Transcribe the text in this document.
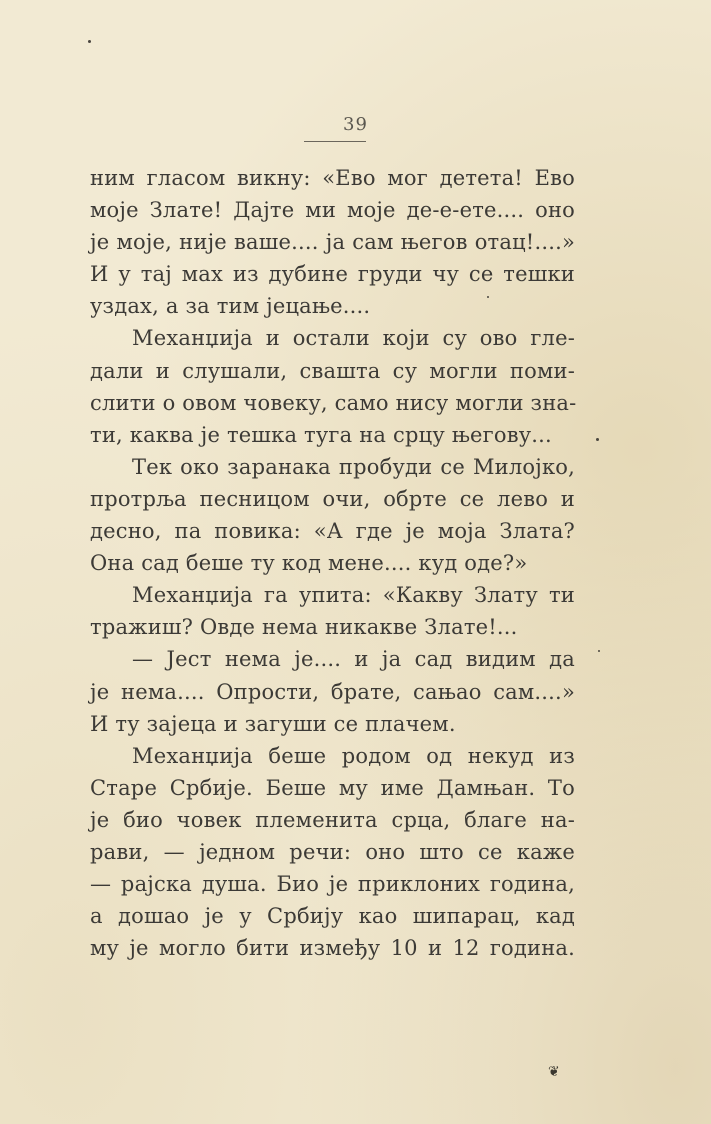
39
ним гласом викну: «Ево мог детета! Ево
моје Злате! Дајте ми моје де-е-ете.... оно
је моје, није ваше.... ја сам његов отац!....»
И у тај мах из дубине груди чу се тешки
уздах, а за тим јецање....
Механџија и остали који су ово гле-
дали и слушали, свашта су могли поми-
слити о овом човеку, само нису могли зна-
ти, каква је тешка туга на срцу његову...
Тек око заранака пробуди се Милојко,
протрља песницом очи, обрте се лево и
десно, па повика: «А где је моја Злата?
Она сад беше ту код мене.... куд оде?»
Механџија га упита: «Какву Злату ти
тражиш? Овде нема никакве Злате!...
— Јест нема је.... и ја сад видим да
је нема.... Опрости, брате, сањао сам....»
И ту зајеца и загуши се плачем.
Механџија беше родом од некуд из
Старе Србије. Беше му име Дамњан. То
је био човек племенита срца, благе на-
рави, — једном речи: оно што се каже
— рајска душа. Био је приклоних година,
а дошао је у Србију као шипарац, кад
му је могло бити између 10 и 12 година.
❦
